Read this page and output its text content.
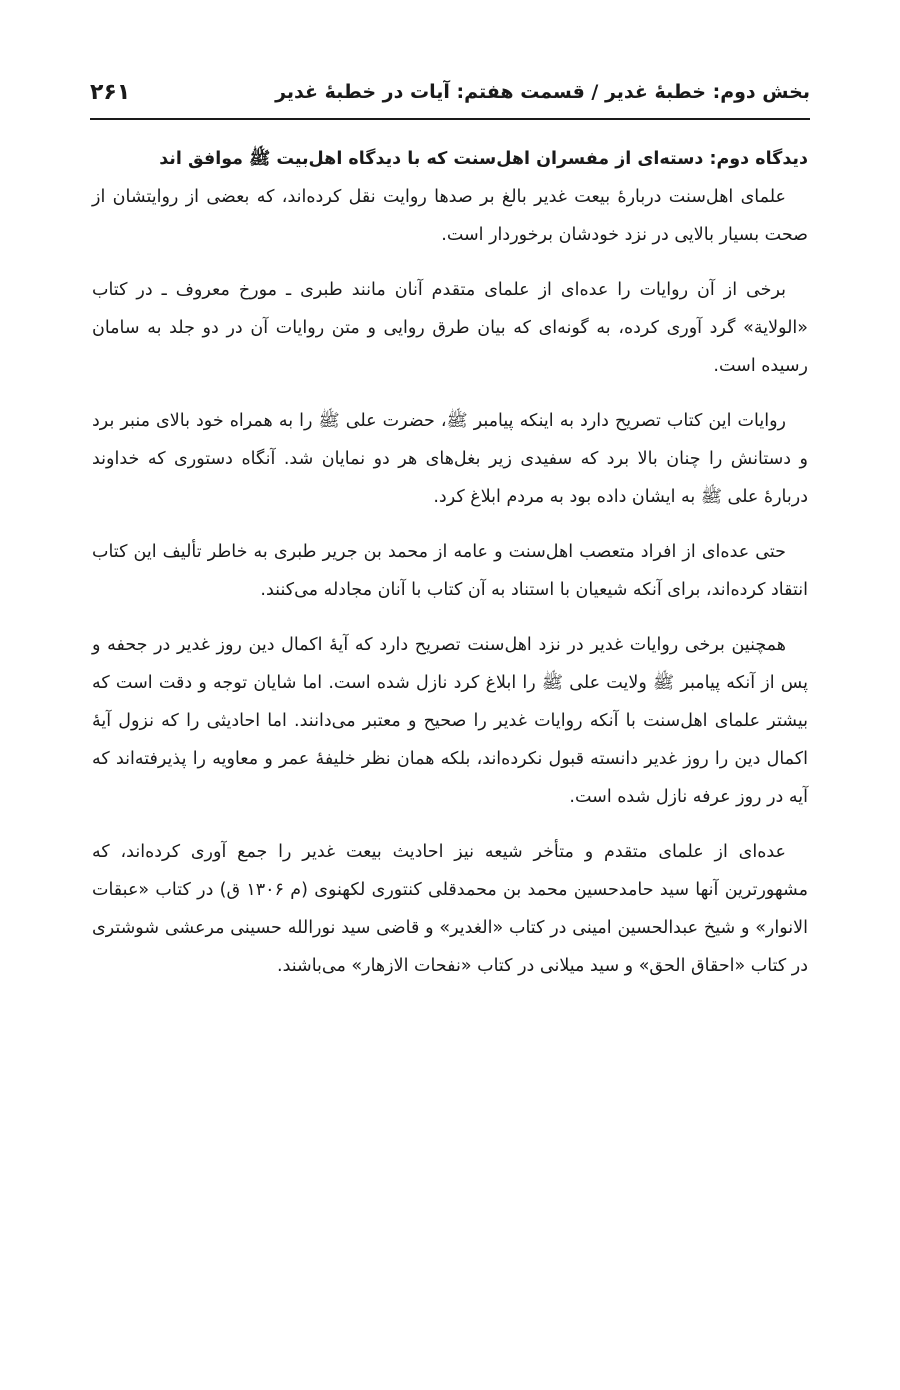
بخش دوم: خطبهٔ غدیر / قسمت هفتم: آیات در خطبهٔ غدیر
۲۶۱

دیدگاه دوم: دسته‌ای از مفسران اهل‌سنت که با دیدگاه اهل‌بیت ﷺ موافق اند

علمای اهل‌سنت دربارهٔ بیعت غدیر بالغ بر صدها روایت نقل کرده‌اند، که بعضی از روایتشان از صحت بسیار بالایی در نزد خودشان برخوردار است.

برخی از آن روایات را عده‌ای از علمای متقدم آنان مانند طبری ـ مورخ معروف ـ در کتاب «الولایة» گرد آوری کرده، به گونه‌ای که بیان طرق روایی و متن روایات آن در دو جلد به سامان رسیده است.

روایات این کتاب تصریح دارد به اینکه پیامبر ﷺ، حضرت علی ﷺ را به همراه خود بالای منبر برد و دستانش را چنان بالا برد که سفیدی زیر بغل‌های هر دو نمایان شد. آنگاه دستوری که خداوند دربارهٔ علی ﷺ به ایشان داده بود به مردم ابلاغ کرد.

حتی عده‌ای از افراد متعصب اهل‌سنت و عامه از محمد بن جریر طبری به خاطر تألیف این کتاب انتقاد کرده‌اند، برای آنکه شیعیان با استناد به آن کتاب با آنان مجادله می‌کنند.

همچنین برخی روایات غدیر در نزد اهل‌سنت تصریح دارد که آیهٔ اکمال دین روز غدیر در جحفه و پس از آنکه پیامبر ﷺ ولایت علی ﷺ را ابلاغ کرد نازل شده است. اما شایان توجه و دقت است که بیشتر علمای اهل‌سنت با آنکه روایات غدیر را صحیح و معتبر می‌دانند. اما احادیثی را که نزول آیهٔ اکمال دین را روز غدیر دانسته قبول نکرده‌اند، بلکه همان نظر خلیفهٔ عمر و معاویه را پذیرفته‌اند که آیه در روز عرفه نازل شده است.

عده‌ای از علمای متقدم و متأخر شیعه نیز احادیث بیعت غدیر را جمع آوری کرده‌اند، که مشهورترین آنها سید حامدحسین محمد بن محمدقلی کنتوری لکهنوی (م ۱۳۰۶ ق) در کتاب «عبقات الانوار» و شیخ عبدالحسین امینی در کتاب «الغدیر» و قاضی سید نورالله حسینی مرعشی شوشتری در کتاب «احقاق الحق» و سید میلانی در کتاب «نفحات الازهار» می‌باشند.
